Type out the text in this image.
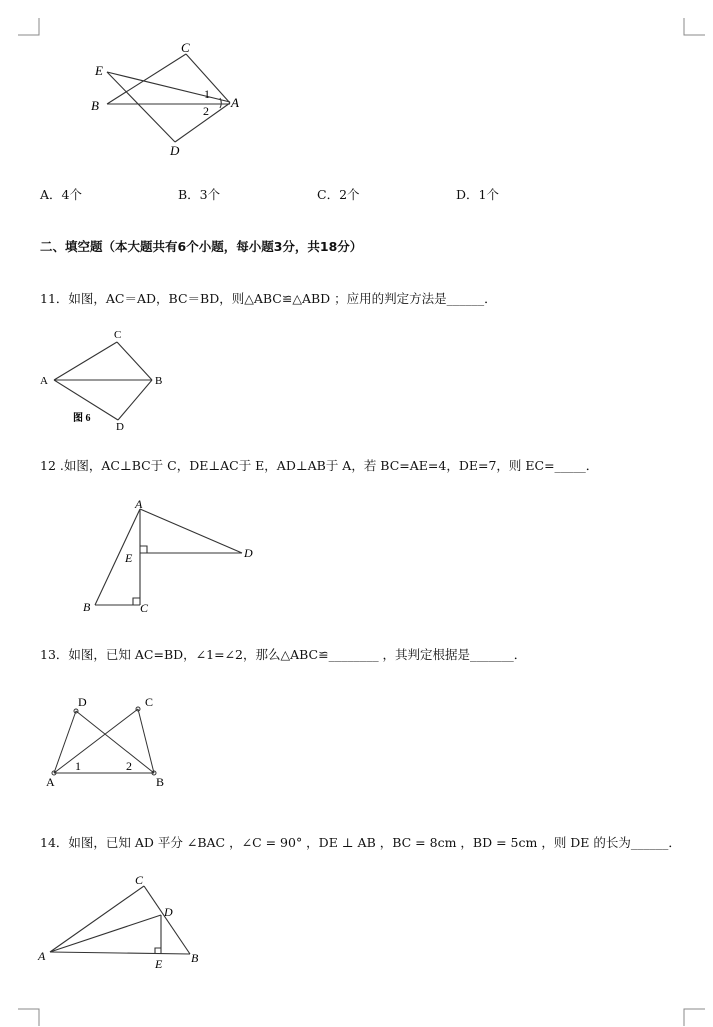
C
E
B	A
D
1
2
A．4个	B．3个	C．2个	D．1个
二、填空题（本大题共有6个小题，每小题3分，共18分）
11．如图，AC＝AD，BC＝BD，则△ABC≌△ABD ；应用的判定方法是______．
C
A	B
D
图 6
12 .如图，AC⊥BC于 C，DE⊥AC于 E，AD⊥AB于 A，若 BC=AE=4，DE=7，则 EC=_____．
A
E	D
B	C
13．如图，已知 AC=BD，∠1=∠2，那么△ABC≌________ ，其判定根据是_______．
D	C
A	B
1	2
14．如图，已知 AD 平分 ∠BAC ，∠C = 90° ，DE ⊥ AB ，BC = 8cm ，BD = 5cm ，则 DE 的长为______．
C
D
A
E B
